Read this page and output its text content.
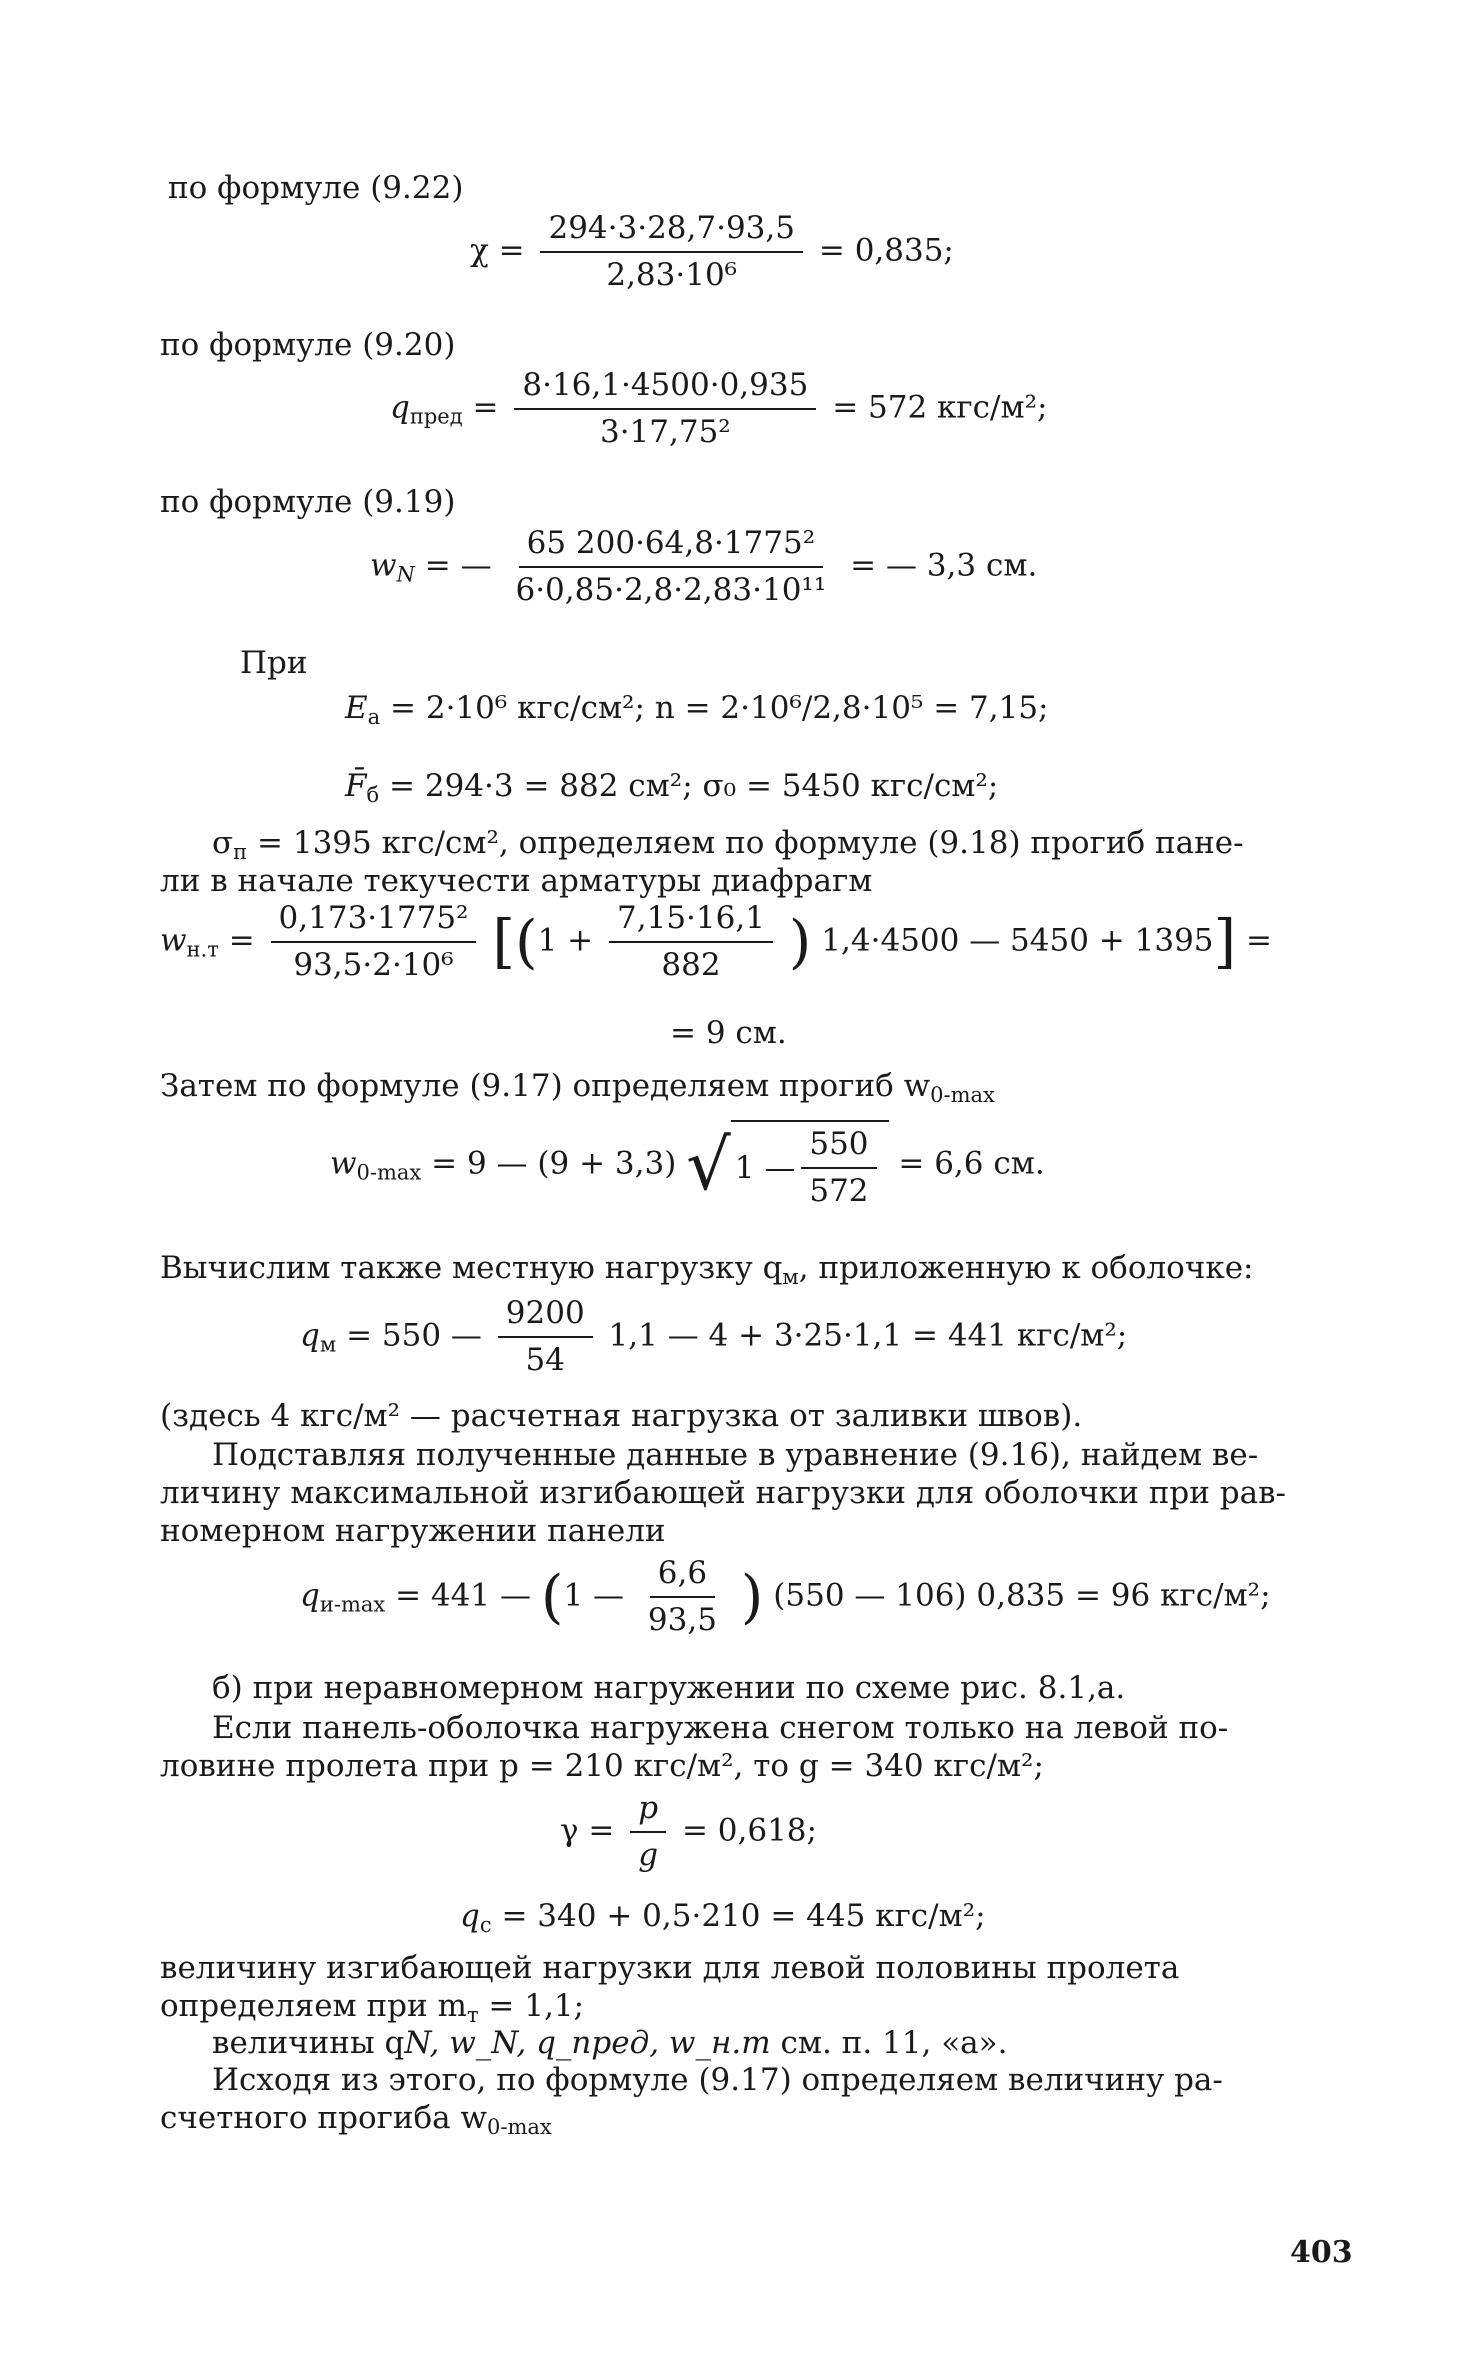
по формуле (9.22)
$\chi = \frac{294\cdot 3\cdot 28,7\cdot 93,5}{\text{2,83·10⁶}} = 0,835$;
по формуле (9.20)
$q_{пред} = \frac{8\cdot 16,1\cdot 4500\cdot 0,935}{\text{3·17,75²}} = 572$ кгс/м²;
по формуле (9.19)
$w_N$ = — $\frac{\text{65 200·64,8·1775²}}{\text{6·0,85·2,8·2,83·10¹¹}}$ = — 3,3 см.
При
$E_а = 2\cdot 10^6$ кгс/см²; n = 2·10⁶/2,8·10⁵ = 7,15;
$F̄_б = 294\cdot 3 = 882$ см²; σ₀ = 5450 кгс/см²;
$\sigma_п = 1395$ кгс/см², определяем по формуле (9.18) прогиб пане-
ли в начале текучести арматуры диафрагм
$w_{н.т} = \frac{\text{0,173·1775²}}{\text{93,5·2·10⁶}} [(1 + \frac{7,15\cdot 16,1}{882}$ ) 1,4·4500 — 5450 + 1395] =
= 9 см.
Затем по формуле (9.17) определяем прогиб $w_{0-max}$
$w_{0-max} = 9$ — (9 + 3,3) √ 1 — $\frac{550}{572} = 6,6$ см.
Вычислим также местную нагрузку $q_м$, приложенную к оболочке:
$q_м = 550$ — $\frac{9200}{54} 1,1$ — 4 + 3·25·1,1 = 441 кгс/м²;
(здесь 4 кгс/м² — расчетная нагрузка от заливки швов).
Подставляя полученные данные в уравнение (9.16), найдем ве-
личину максимальной изгибающей нагрузки для оболочки при рав-
номерном нагружении панели
$q_{и-max} = 441$ — (1 — $\frac{6,6}{93,5}$ ) (550 — 106) 0,835 = 96 кгс/м²;
б) при неравномерном нагружении по схеме рис. 8.1,а.
Если панель-оболочка нагружена снегом только на левой по-
ловине пролета при p = 210 кгс/м², то g = 340 кгс/м²;
$\gamma = \frac{p}{g} = 0,618$;
$q_с = 340 + 0,5\cdot 210 = 445$ кгс/м²;
величину изгибающей нагрузки для левой половины пролета
определяем при $m_т = 1,1$;
величины qN, w_N, q_пред, w_н.т см. п. 11, «а».
Исходя из этого, по формуле (9.17) определяем величину ра-
счетного прогиба $w_{0-max}$
403
